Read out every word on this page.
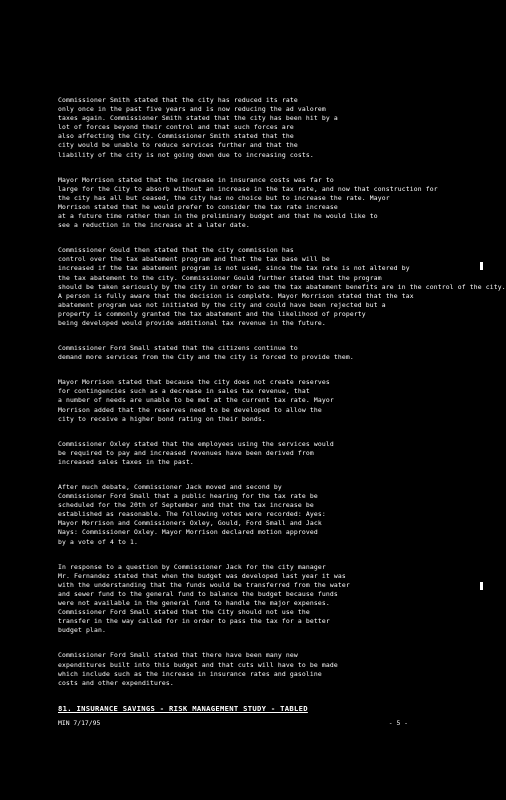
Commissioner Smith stated that the city has reduced its rate
only once in the past five years and is now reducing the ad valorem
taxes again. Commissioner Smith stated that the city has been hit by a
lot of forces beyond their control and that such forces are
also affecting the City. Commissioner Smith stated that the
city would be unable to reduce services further and that the
liability of the city is not going down due to increasing costs.
Mayor Morrison stated that the increase in insurance costs was far to
large for the City to absorb without an increase in the tax rate, and now that construction for
the city has all but ceased, the city has no choice but to increase the rate. Mayor
Morrison stated that he would prefer to consider the tax rate increase
at a future time rather than in the preliminary budget and that he would like to
see a reduction in the increase at a later date.
Commissioner Gould then stated that the city commission has
control over the tax abatement program and that the tax base will be
increased if the tax abatement program is not used, since the tax rate is not altered by
the tax abatement to the city. Commissioner Gould further stated that the program
should be taken seriously by the city in order to see the tax abatement benefits are in the control of the city.
A person is fully aware that the decision is complete. Mayor Morrison stated that the tax
abatement program was not initiated by the city and could have been rejected but a
property is commonly granted the tax abatement and the likelihood of property
being developed would provide additional tax revenue in the future.
Commissioner Ford Small stated that the citizens continue to
demand more services from the City and the city is forced to provide them.
Mayor Morrison stated that because the city does not create reserves
for contingencies such as a decrease in sales tax revenue, that
a number of needs are unable to be met at the current tax rate. Mayor
Morrison added that the reserves need to be developed to allow the
city to receive a higher bond rating on their bonds.
Commissioner Oxley stated that the employees using the services would
be required to pay and increased revenues have been derived from
increased sales taxes in the past.
After much debate, Commissioner Jack moved and second by
Commissioner Ford Small that a public hearing for the tax rate be
scheduled for the 20th of September and that the tax increase be
established as reasonable. The following votes were recorded: Ayes:
Mayor Morrison and Commissioners Oxley, Gould, Ford Small and Jack
Nays: Commissioner Oxley. Mayor Morrison declared motion approved
by a vote of 4 to 1.
In response to a question by Commissioner Jack for the city manager
Mr. Fernandez stated that when the budget was developed last year it was
with the understanding that the funds would be transferred from the water
and sewer fund to the general fund to balance the budget because funds
were not available in the general fund to handle the major expenses.
Commissioner Ford Small stated that the City should not use the
transfer in the way called for in order to pass the tax for a better
budget plan.
Commissioner Ford Small stated that there have been many new
expenditures built into this budget and that cuts will have to be made
which include such as the increase in insurance rates and gasoline
costs and other expenditures.
81. INSURANCE SAVINGS - RISK MANAGEMENT STUDY - TABLED
MIN 7/17/95	- 5 -
